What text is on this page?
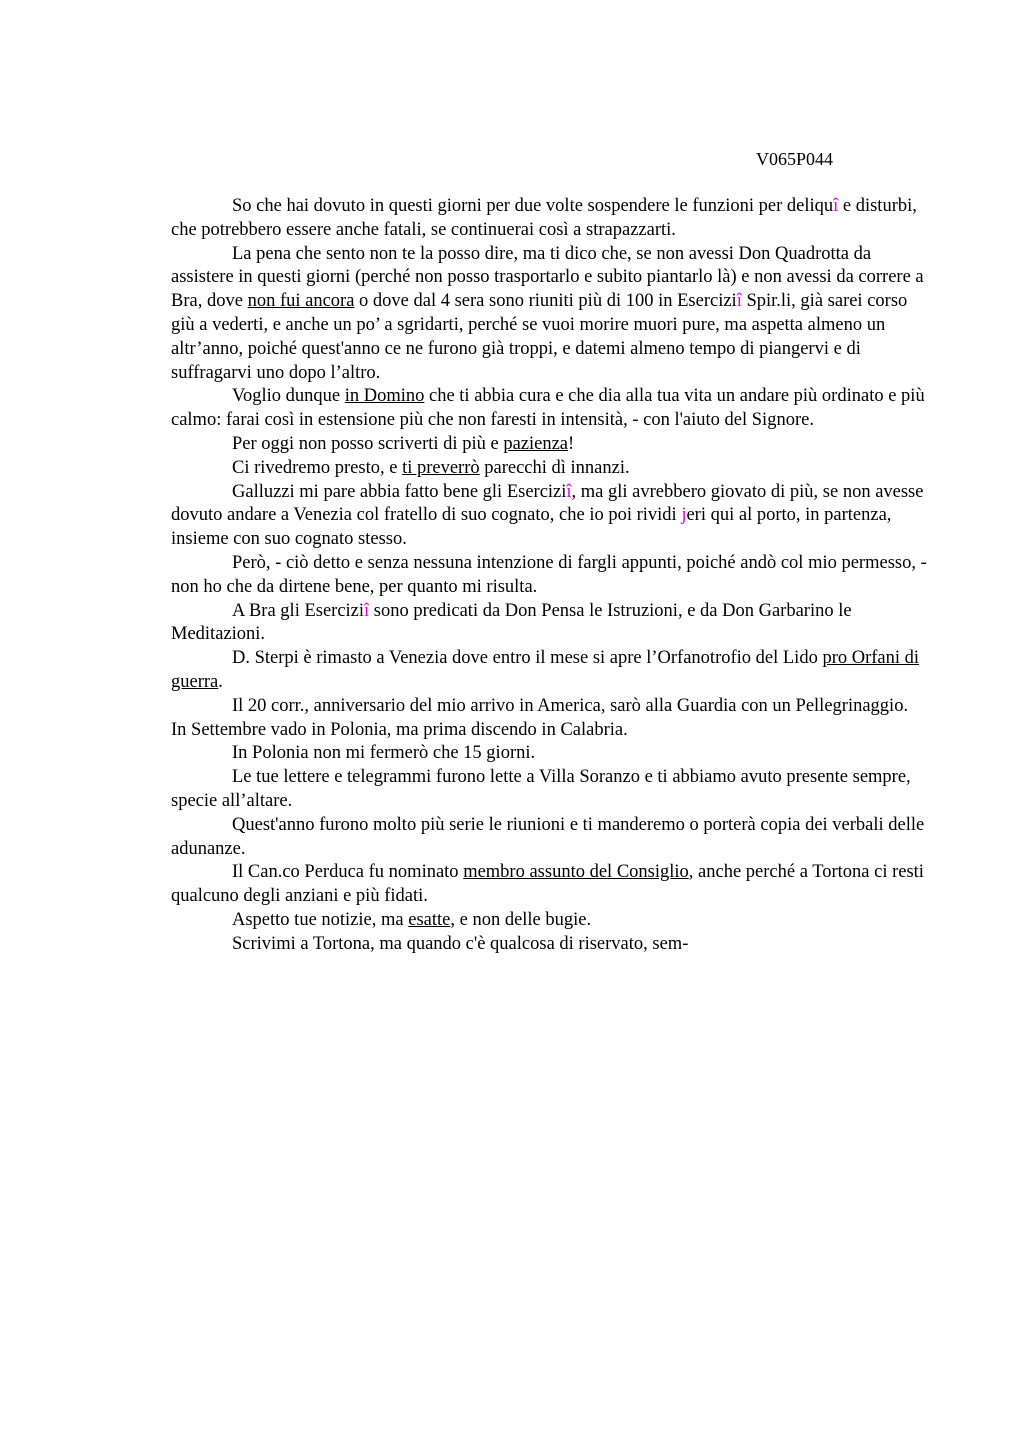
V065P044

So che hai dovuto in questi giorni per due volte sospendere le funzioni per deliquî e disturbi, che potrebbero essere anche fatali, se continuerai così a strapazzarti.

La pena che sento non te la posso dire, ma ti dico che, se non avessi Don Quadrotta da assistere in questi giorni (perché non posso trasportarlo e subito piantarlo là) e non avessi da correre a Bra, dove non fui ancora o dove dal 4 sera sono riuniti più di 100 in Eserciziî Spir.li, già sarei corso giù a vederti, e anche un po’ a sgridarti, perché se vuoi morire muori pure, ma aspetta almeno un altr’anno, poiché quest'anno ce ne furono già troppi, e datemi almeno tempo di piangervi e di suffragarvi uno dopo l’altro.

Voglio dunque in Domino che ti abbia cura e che dia alla tua vita un andare più ordinato e più calmo: farai così in estensione più che non faresti in intensità, - con l'aiuto del Signore.

Per oggi non posso scriverti di più e pazienza!

Ci rivedremo presto, e ti preverrò parecchi dì innanzi.

Galluzzi mi pare abbia fatto bene gli Eserciziî, ma gli avrebbero giovato di più, se non avesse dovuto andare a Venezia col fratello di suo cognato, che io poi rividi jeri qui al porto, in partenza, insieme con suo cognato stesso.

Però, - ciò detto e senza nessuna intenzione di fargli appunti, poiché andò col mio permesso, - non ho che da dirtene bene, per quanto mi risulta.

A Bra gli Eserciziî sono predicati da Don Pensa le Istruzioni, e da Don Garbarino le Meditazioni.

D. Sterpi è rimasto a Venezia dove entro il mese si apre l’Orfanotrofio del Lido pro Orfani di guerra.

Il 20 corr., anniversario del mio arrivo in America, sarò alla Guardia con un Pellegrinaggio. In Settembre vado in Polonia, ma prima discendo in Calabria.

In Polonia non mi fermerò che 15 giorni.

Le tue lettere e telegrammi furono lette a Villa Soranzo e ti abbiamo avuto presente sempre, specie all’altare.

Quest'anno furono molto più serie le riunioni e ti manderemo o porterà copia dei verbali delle adunanze.

Il Can.co Perduca fu nominato membro assunto del Consiglio, anche perché a Tortona ci resti qualcuno degli anziani e più fidati.

Aspetto tue notizie, ma esatte, e non delle bugie.

Scrivimi a Tortona, ma quando c'è qualcosa di riservato, sem-
